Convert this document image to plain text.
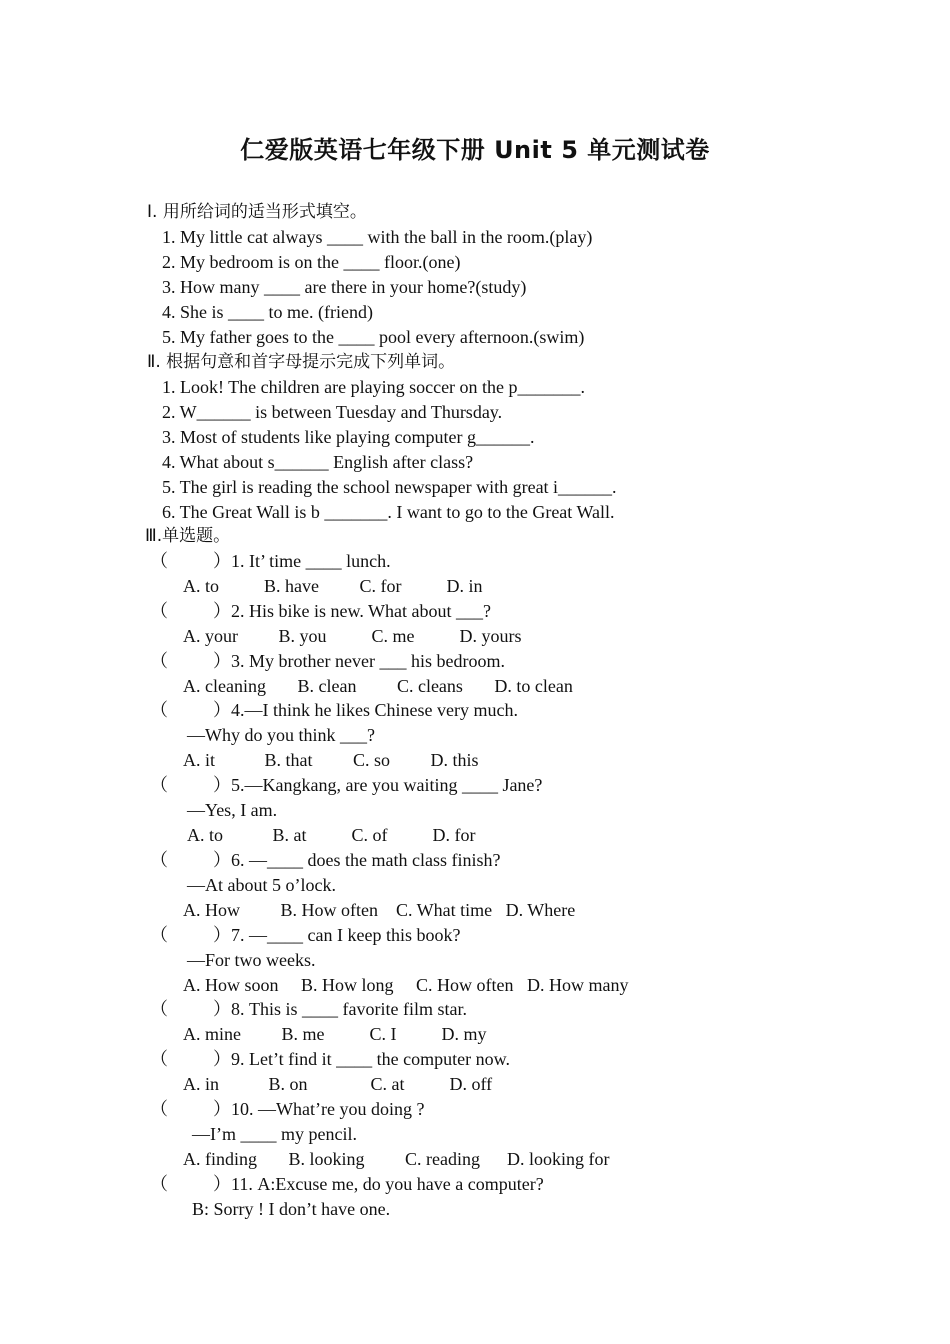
仁爱版英语七年级下册 Unit 5 单元测试卷
Ⅰ. 用所给词的适当形式填空。
1. My little cat always ____ with the ball in the room.(play)
2. My bedroom is on the ____ floor.(one)
3. How many ____ are there in your home?(study)
4. She is ____ to me. (friend)
5. My father goes to the ____ pool every afternoon.(swim)
Ⅱ. 根据句意和首字母提示完成下列单词。
1. Look! The children are playing soccer on the p_______.
2. W______ is between Tuesday and Thursday.
3. Most of students like playing computer g______.
4. What about s______ English after class?
5. The girl is reading the school newspaper with great i______.
6. The Great Wall is b _______. I want to go to the Great Wall.
Ⅲ.单选题。
（          ）1. It’ time ____ lunch.
A. to          B. have         C. for          D. in
（          ）2. His bike is new. What about ___?
A. your         B. you          C. me          D. yours
（          ）3. My brother never ___ his bedroom.
A. cleaning       B. clean         C. cleans       D. to clean
（          ）4.—I think he likes Chinese very much.
—Why do you think ___?
A. it           B. that         C. so         D. this
（          ）5.—Kangkang, are you waiting ____ Jane?
—Yes, I am.
A. to           B. at          C. of          D. for
（          ）6. —____ does the math class finish?
—At about 5 o’lock.
A. How         B. How often    C. What time   D. Where
（          ）7. —____ can I keep this book?
—For two weeks.
A. How soon     B. How long     C. How often   D. How many
（          ）8. This is ____ favorite film star.
A. mine         B. me          C. I          D. my
（          ）9. Let’t find it ____ the computer now.
A. in           B. on              C. at          D. off
（          ）10. —What’re you doing ?
—I’m ____ my pencil.
A. finding       B. looking         C. reading      D. looking for
（          ）11. A:Excuse me, do you have a computer?
B: Sorry ! I don’t have one.
